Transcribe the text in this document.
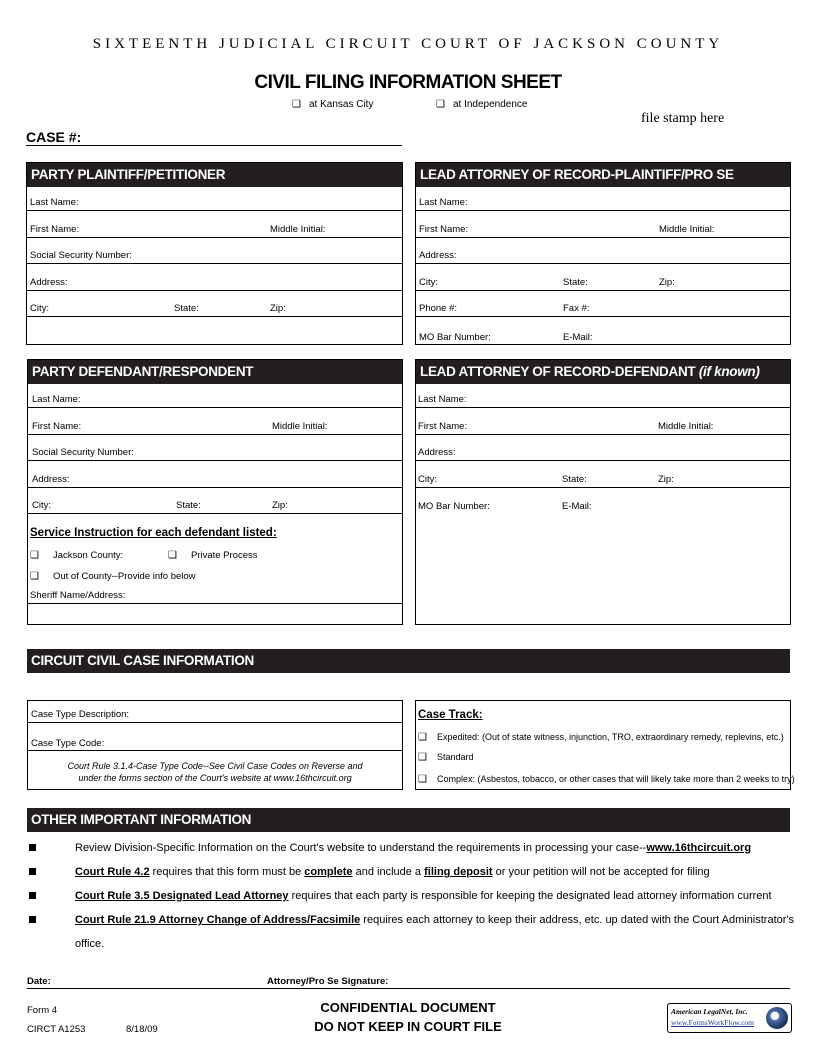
SIXTEENTH JUDICIAL CIRCUIT COURT OF JACKSON COUNTY
CIVIL FILING INFORMATION SHEET
❑ at Kansas City	❑ at Independence
file stamp here
CASE #:
PARTY PLAINTIFF/PETITIONER
Last Name:
First Name:	Middle Initial:
Social Security Number:
Address:
City:	State:	Zip:
LEAD ATTORNEY OF RECORD-PLAINTIFF/PRO SE
Last Name:
First Name:	Middle Initial:
Address:
City:	State:	Zip:
Phone #:	Fax #:
MO Bar Number:	E-Mail:
PARTY DEFENDANT/RESPONDENT
Last Name:
First Name:	Middle Initial:
Social Security Number:
Address:
City:	State:	Zip:
Service Instruction for each defendant listed:
❑ Jackson County:	❑ Private Process
❑ Out of County--Provide info below
Sheriff Name/Address:
LEAD ATTORNEY OF RECORD-DEFENDANT (if known)
Last Name:
First Name:	Middle Initial:
Address:
City:	State:	Zip:
MO Bar Number:	E-Mail:
CIRCUIT CIVIL CASE INFORMATION
Case Type Description:
Case Type Code:
Court Rule 3.1.4-Case Type Code--See Civil Case Codes on Reverse and
under the forms section of the Court's website at www.16thcircuit.org
Case Track:
❑ Expedited: (Out of state witness, injunction, TRO, extraordinary remedy, replevins, etc.)
❑ Standard
❑ Complex: (Asbestos, tobacco, or other cases that will likely take more than 2 weeks to try)
OTHER IMPORTANT INFORMATION
Review Division-Specific Information on the Court's website to understand the requirements in processing your case--www.16thcircuit.org
Court Rule 4.2 requires that this form must be complete and include a filing deposit or your petition will not be accepted for filing
Court Rule 3.5 Designated Lead Attorney requires that each party is responsible for keeping the designated lead attorney information current
Court Rule 21.9 Attorney Change of Address/Facsimile requires each attorney to keep their address, etc. up dated with the Court Administrator's
office.
Date:	Attorney/Pro Se Signature:
Form 4
CIRCT A1253	8/18/09
CONFIDENTIAL DOCUMENT
DO NOT KEEP IN COURT FILE
American LegalNet, Inc.
www.FormsWorkFlow.com
